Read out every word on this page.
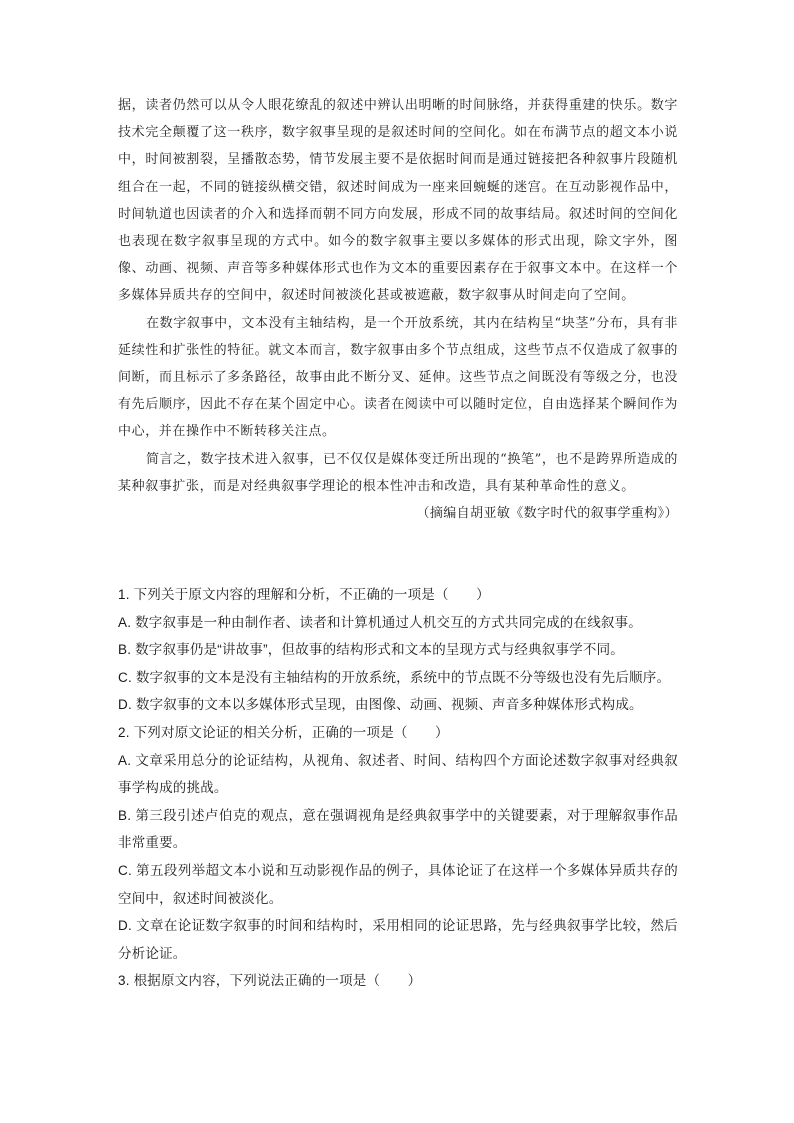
据，读者仍然可以从令人眼花缭乱的叙述中辨认出明晰的时间脉络，并获得重建的快乐。数字技术完全颠覆了这一秩序，数字叙事呈现的是叙述时间的空间化。如在布满节点的超文本小说中，时间被割裂，呈播散态势，情节发展主要不是依据时间而是通过链接把各种叙事片段随机组合在一起，不同的链接纵横交错，叙述时间成为一座来回蜿蜒的迷宫。在互动影视作品中，时间轨道也因读者的介入和选择而朝不同方向发展，形成不同的故事结局。叙述时间的空间化也表现在数字叙事呈现的方式中。如今的数字叙事主要以多媒体的形式出现，除文字外，图像、动画、视频、声音等多种媒体形式也作为文本的重要因素存在于叙事文本中。在这样一个多媒体异质共存的空间中，叙述时间被淡化甚或被遮蔽，数字叙事从时间走向了空间。

在数字叙事中，文本没有主轴结构，是一个开放系统，其内在结构呈“块茎”分布，具有非延续性和扩张性的特征。就文本而言，数字叙事由多个节点组成，这些节点不仅造成了叙事的间断，而且标示了多条路径，故事由此不断分叉、延伸。这些节点之间既没有等级之分，也没有先后顺序，因此不存在某个固定中心。读者在阅读中可以随时定位，自由选择某个瞬间作为中心，并在操作中不断转移关注点。

简言之，数字技术进入叙事，已不仅仅是媒体变迁所出现的“换笔”，也不是跨界所造成的某种叙事扩张，而是对经典叙事学理论的根本性冲击和改造，具有某种革命性的意义。

（摘编自胡亚敏《数字时代的叙事学重构》）

1. 下列关于原文内容的理解和分析，不正确的一项是（　　）

A. 数字叙事是一种由制作者、读者和计算机通过人机交互的方式共同完成的在线叙事。

B. 数字叙事仍是“讲故事”，但故事的结构形式和文本的呈现方式与经典叙事学不同。

C. 数字叙事的文本是没有主轴结构的开放系统，系统中的节点既不分等级也没有先后顺序。

D. 数字叙事的文本以多媒体形式呈现，由图像、动画、视频、声音多种媒体形式构成。

2. 下列对原文论证的相关分析，正确的一项是（　　）

A. 文章采用总分的论证结构，从视角、叙述者、时间、结构四个方面论述数字叙事对经典叙事学构成的挑战。

B. 第三段引述卢伯克的观点，意在强调视角是经典叙事学中的关键要素，对于理解叙事作品非常重要。

C. 第五段列举超文本小说和互动影视作品的例子，具体论证了在这样一个多媒体异质共存的空间中，叙述时间被淡化。

D. 文章在论证数字叙事的时间和结构时，采用相同的论证思路，先与经典叙事学比较，然后分析论证。

3. 根据原文内容，下列说法正确的一项是（　　）
